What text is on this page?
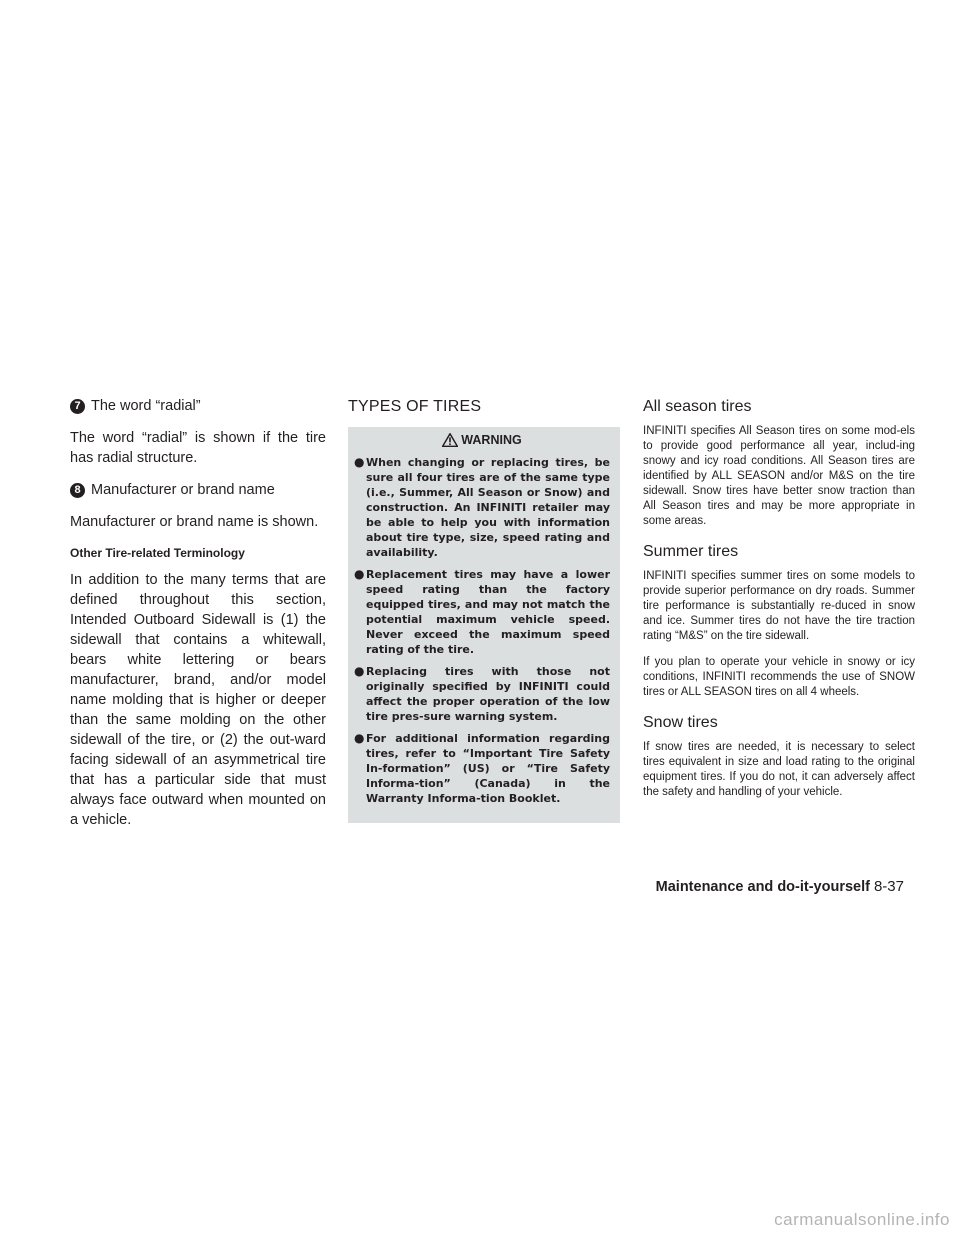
7 The word “radial”

The word “radial” is shown if the tire has radial structure.

8 Manufacturer or brand name

Manufacturer or brand name is shown.

Other Tire-related Terminology

In addition to the many terms that are defined throughout this section, Intended Outboard Sidewall is (1) the sidewall that contains a whitewall, bears white lettering or bears manufacturer, brand, and/or model name molding that is higher or deeper than the same molding on the other sidewall of the tire, or (2) the out-ward facing sidewall of an asymmetrical tire that has a particular side that must always face outward when mounted on a vehicle.

TYPES OF TIRES
WARNING
● When changing or replacing tires, be sure all four tires are of the same type (i.e., Summer, All Season or Snow) and construction. An INFINITI retailer may be able to help you with information about tire type, size, speed rating and availability.
● Replacement tires may have a lower speed rating than the factory equipped tires, and may not match the potential maximum vehicle speed. Never exceed the maximum speed rating of the tire.
● Replacing tires with those not originally specified by INFINITI could affect the proper operation of the low tire pres-sure warning system.
● For additional information regarding tires, refer to “Important Tire Safety In-formation” (US) or “Tire Safety Informa-tion” (Canada) in the Warranty Informa-tion Booklet.
All season tires

INFINITI specifies All Season tires on some mod-els to provide good performance all year, includ-ing snowy and icy road conditions. All Season tires are identified by ALL SEASON and/or M&S on the tire sidewall. Snow tires have better snow traction than All Season tires and may be more appropriate in some areas.

Summer tires

INFINITI specifies summer tires on some models to provide superior performance on dry roads. Summer tire performance is substantially re-duced in snow and ice. Summer tires do not have the tire traction rating “M&S” on the tire sidewall.

If you plan to operate your vehicle in snowy or icy conditions, INFINITI recommends the use of SNOW tires or ALL SEASON tires on all 4 wheels.

Snow tires

If snow tires are needed, it is necessary to select tires equivalent in size and load rating to the original equipment tires. If you do not, it can adversely affect the safety and handling of your vehicle.

Maintenance and do-it-yourself 8-37
carmanualsonline.info
